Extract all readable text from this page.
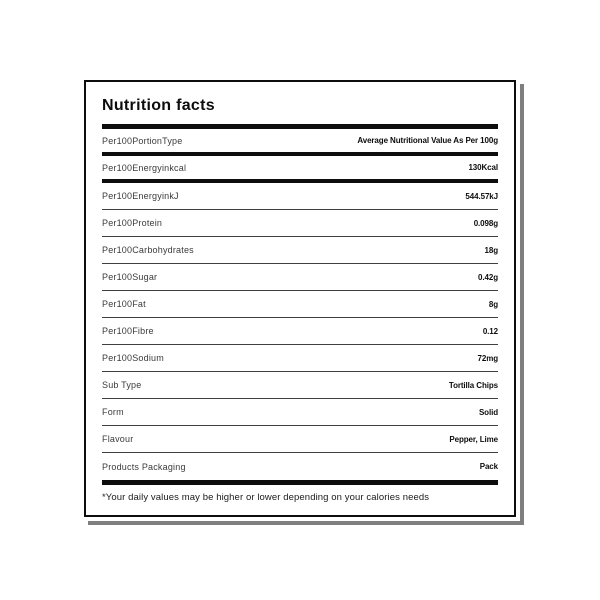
Nutrition facts
Per100PortionType	Average Nutritional Value As Per 100g
Per100Energyinkcal	130Kcal
Per100EnergyinkJ	544.57kJ
Per100Protein	0.098g
Per100Carbohydrates	18g
Per100Sugar	0.42g
Per100Fat	8g
Per100Fibre	0.12
Per100Sodium	72mg
Sub Type	Tortilla Chips
Form	Solid
Flavour	Pepper, Lime
Products Packaging	Pack
*Your daily values may be higher or lower depending on your calories needs
